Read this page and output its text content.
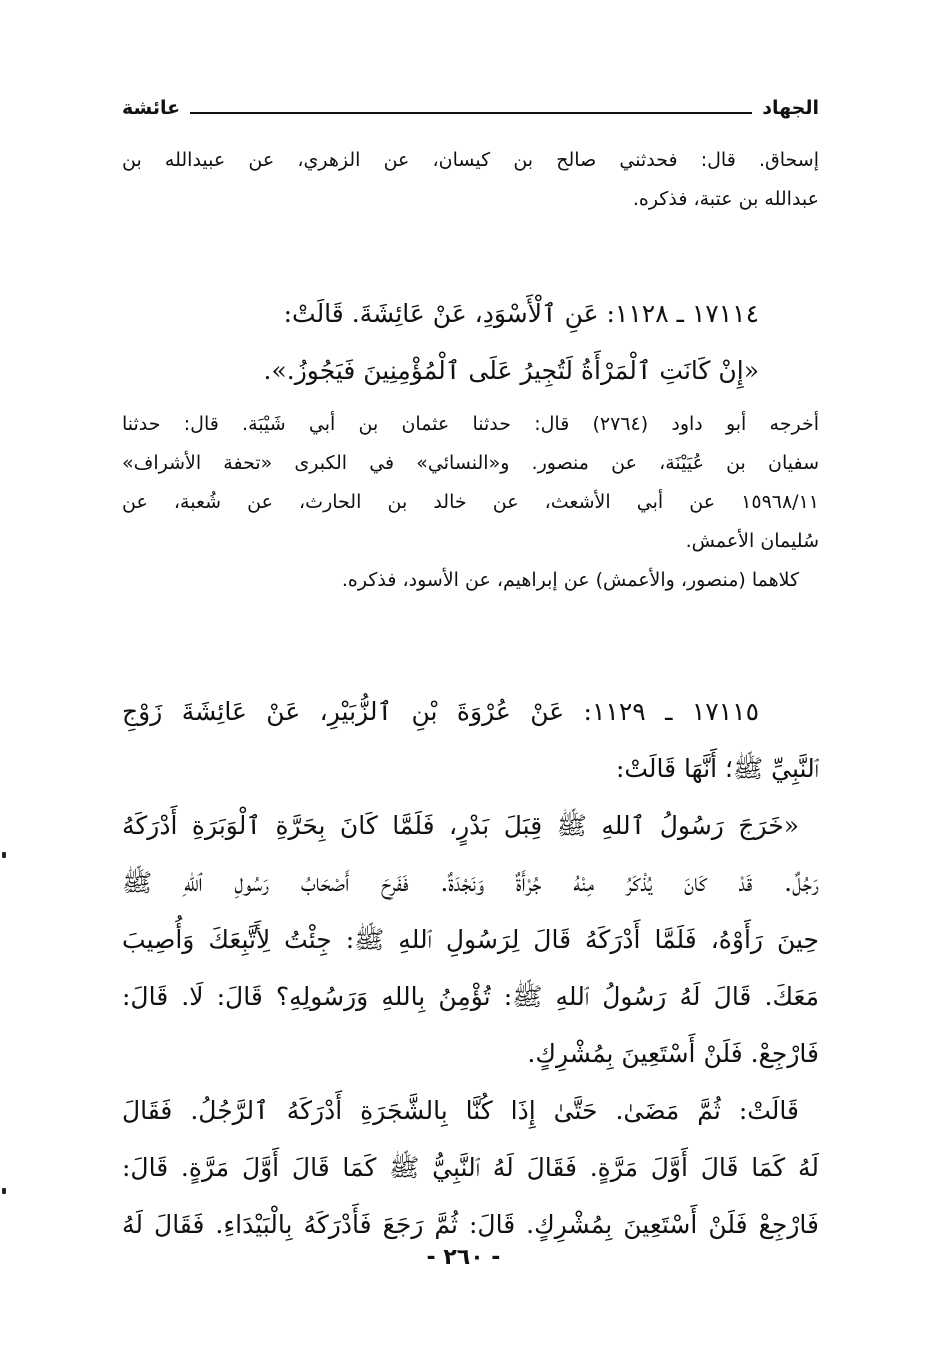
الجهاد
عائشة
إسحاق. قال: فحدثني صالح بن كيسان، عن الزهري، عن عبيدالله بن
عبدالله بن عتبة، فذكره.
١٧١١٤ ـ ١١٢٨: عَنِ ٱلْأَسْوَدِ، عَنْ عَائِشَةَ. قَالَتْ:
«إِنْ كَانَتِ ٱلْمَرْأَةُ لَتُجِيرُ عَلَى ٱلْمُؤْمِنِينَ فَيَجُوزُ.».
أخرجه أبو داود (٢٧٦٤) قال: حدثنا عثمان بن أبي شَيْبَة. قال: حدثنا
سفيان بن عُيَيْنَة، عن منصور. و«النسائي» في الكبرى «تحفة الأشراف»
١٥٩٦٨/١١ عن أبي الأشعث، عن خالد بن الحارث، عن شُعبة، عن
سُليمان الأعمش.
كلاهما (منصور، والأعمش) عن إبراهيم، عن الأسود، فذكره.
١٧١١٥ ـ ١١٢٩: عَنْ عُرْوَةَ بْنِ ٱلزُّبَيْرِ، عَنْ عَائِشَةَ زَوْجِ
ٱلنَّبِيِّ ﷺ؛ أَنَّهَا قَالَتْ:
«خَرَجَ رَسُولُ ٱللهِ ﷺ قِبَلَ بَدْرٍ، فَلَمَّا كَانَ بِحَرَّةِ ٱلْوَبَرَةِ أَدْرَكَهُ
رَجُلٌ. قَدْ كَانَ يُذْكَرُ مِنْهُ جُرْأَةٌ وَنَجْدَةٌ. فَفَرِحَ أَصْحَابُ رَسُولِ ٱللهِ ﷺ
حِينَ رَأَوْهُ، فَلَمَّا أَدْرَكَهُ قَالَ لِرَسُولِ ٱللهِ ﷺ: جِئْتُ لِأَتَّبِعَكَ وَأُصِيبَ
مَعَكَ. قَالَ لَهُ رَسُولُ ٱللهِ ﷺ: تُؤْمِنُ بِاللهِ وَرَسُولِهِ؟ قَالَ: لَا. قَالَ:
فَارْجِعْ. فَلَنْ أَسْتَعِينَ بِمُشْرِكٍ.
قَالَتْ: ثُمَّ مَضَىٰ. حَتَّىٰ إِذَا كُنَّا بِالشَّجَرَةِ أَدْرَكَهُ ٱلرَّجُلُ. فَقَالَ
لَهُ كَمَا قَالَ أَوَّلَ مَرَّةٍ. فَقَالَ لَهُ ٱلنَّبِيُّ ﷺ كَمَا قَالَ أَوَّلَ مَرَّةٍ. قَالَ:
فَارْجِعْ فَلَنْ أَسْتَعِينَ بِمُشْرِكٍ. قَالَ: ثُمَّ رَجَعَ فَأَدْرَكَهُ بِالْبَيْدَاءِ. فَقَالَ لَهُ
- ٢٦٠ -
